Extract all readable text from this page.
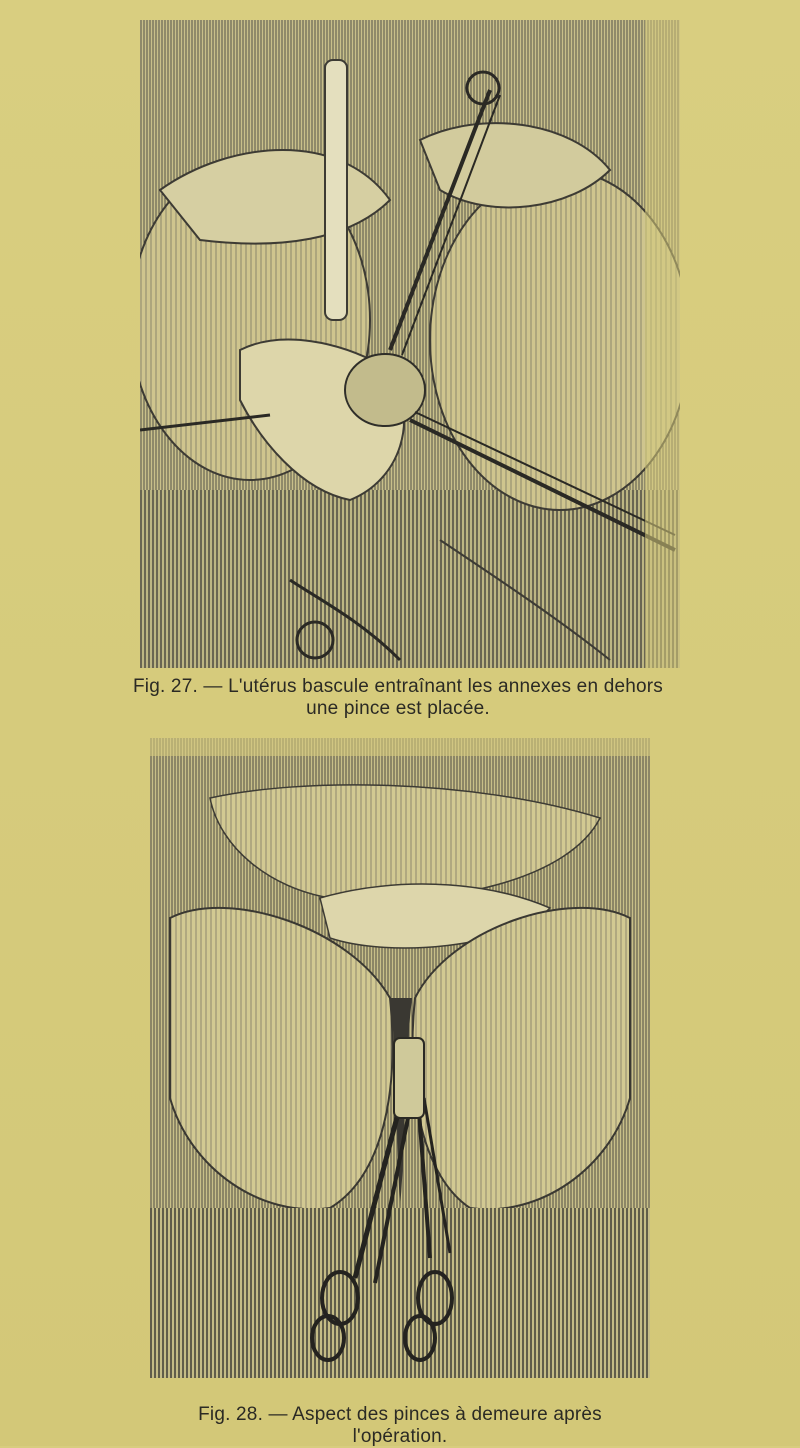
Fig. 27. — L'utérus bascule entraînant les annexes en dehors
une pince est placée.
Fig. 28. — Aspect des pinces à demeure après l'opération.
